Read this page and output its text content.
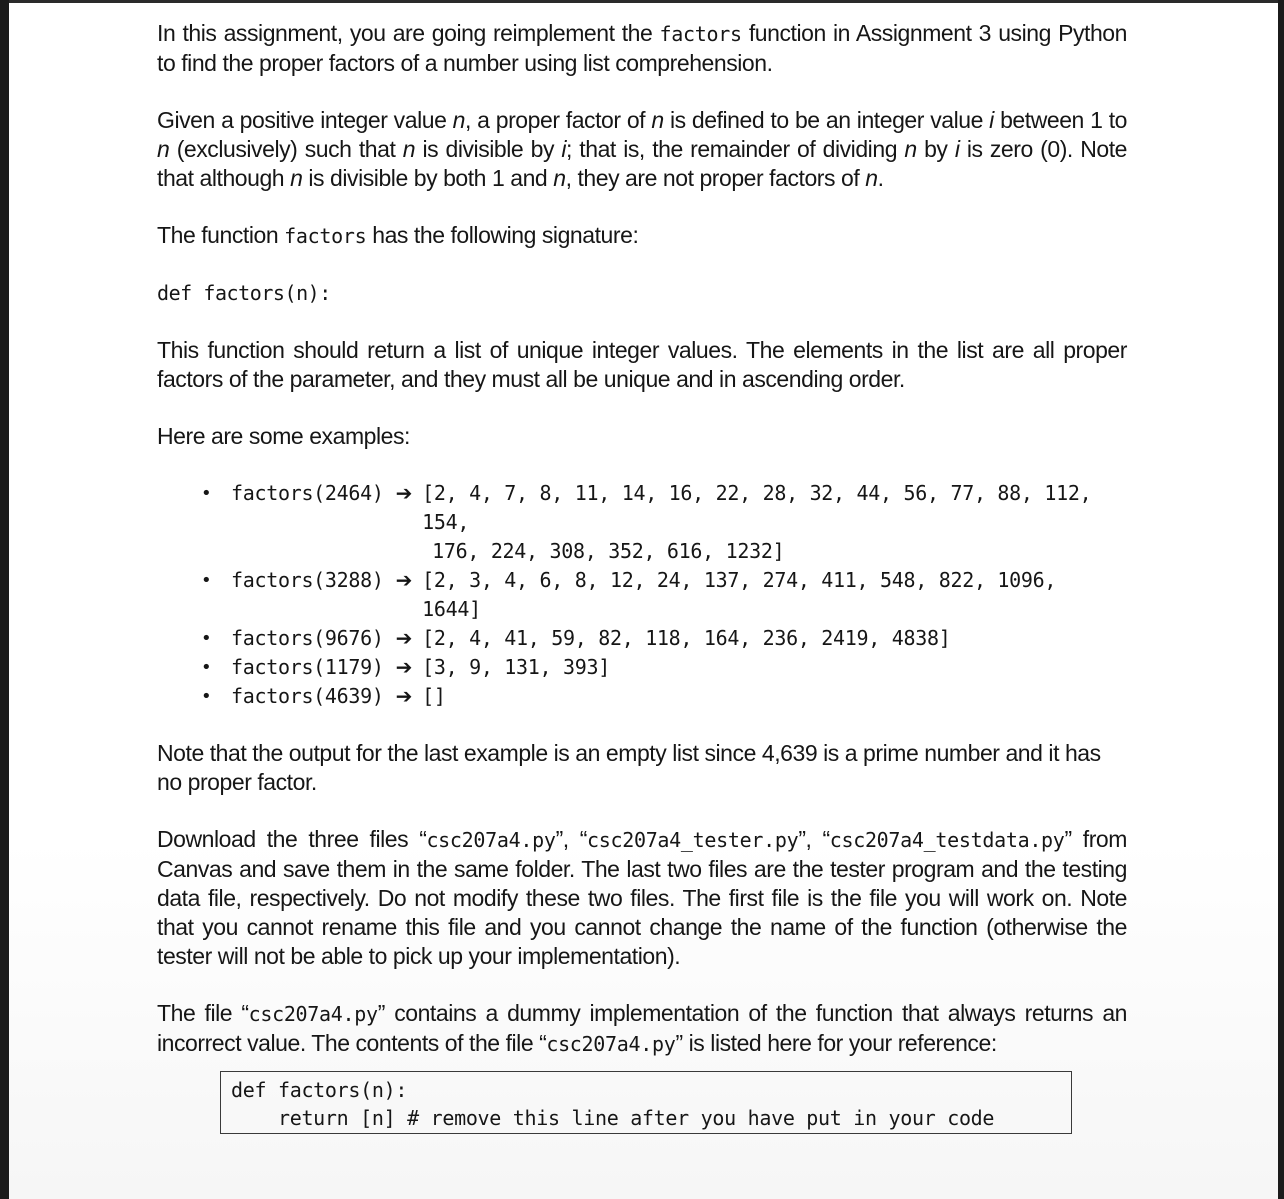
In this assignment, you are going reimplement the factors function in Assignment 3 using Python to find the proper factors of a number using list comprehension.

Given a positive integer value n, a proper factor of n is defined to be an integer value i between 1 to n (exclusively) such that n is divisible by i; that is, the remainder of dividing n by i is zero (0). Note that although n is divisible by both 1 and n, they are not proper factors of n.

The function factors has the following signature:

def factors(n):

This function should return a list of unique integer values. The elements in the list are all proper factors of the parameter, and they must all be unique and in ascending order.

Here are some examples:

• factors(2464) ➔ [2, 4, 7, 8, 11, 14, 16, 22, 28, 32, 44, 56, 77, 88, 112, 154,
176, 224, 308, 352, 616, 1232]
• factors(3288) ➔ [2, 3, 4, 6, 8, 12, 24, 137, 274, 411, 548, 822, 1096, 1644]
• factors(9676) ➔ [2, 4, 41, 59, 82, 118, 164, 236, 2419, 4838]
• factors(1179) ➔ [3, 9, 131, 393]
• factors(4639) ➔ []

Note that the output for the last example is an empty list since 4,639 is a prime number and it has no proper factor.

Download the three files “csc207a4.py”, “csc207a4_tester.py”, “csc207a4_testdata.py” from Canvas and save them in the same folder. The last two files are the tester program and the testing data file, respectively. Do not modify these two files. The first file is the file you will work on. Note that you cannot rename this file and you cannot change the name of the function (otherwise the tester will not be able to pick up your implementation).

The file “csc207a4.py” contains a dummy implementation of the function that always returns an incorrect value. The contents of the file “csc207a4.py” is listed here for your reference:

def factors(n):
return [n] # remove this line after you have put in your code
